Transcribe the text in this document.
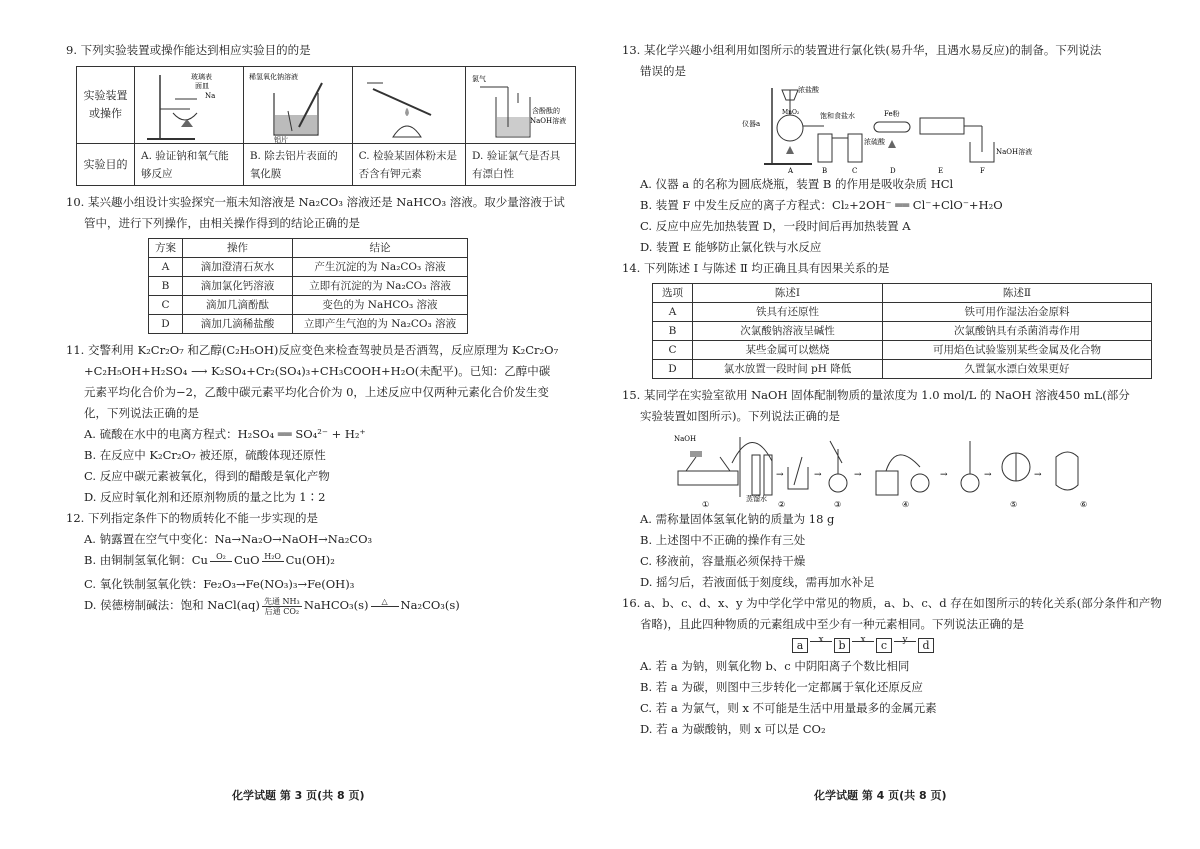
9. 下列实验装置或操作能达到相应实验目的的是
实验装置
或操作	玻璃表
面皿
Na	稀氢氧化钠溶液
铝片		氯气
含酚酞的
NaOH溶液

实验目的	A. 验证钠和氧气能够反应	B. 除去铝片表面的氧化膜	C. 检验某固体粉末是否含有钾元素	D. 验证氯气是否具有漂白性
10. 某兴趣小组设计实验探究一瓶未知溶液是 Na₂CO₃ 溶液还是 NaHCO₃ 溶液。取少量溶液于试
管中，进行下列操作，由相关操作得到的结论正确的是
方案	操作	结论
A	滴加澄清石灰水	产生沉淀的为 Na₂CO₃ 溶液
B	滴加氯化钙溶液	立即有沉淀的为 Na₂CO₃ 溶液
C	滴加几滴酚酞	变色的为 NaHCO₃ 溶液
D	滴加几滴稀盐酸	立即产生气泡的为 Na₂CO₃ 溶液
11. 交警利用 K₂Cr₂O₇ 和乙醇(C₂H₅OH)反应变色来检查驾驶员是否酒驾，反应原理为 K₂Cr₂O₇
+C₂H₅OH+H₂SO₄ ⟶ K₂SO₄+Cr₂(SO₄)₃+CH₃COOH+H₂O(未配平)。已知：乙醇中碳
元素平均化合价为−2，乙酸中碳元素平均化合价为 0，上述反应中仅两种元素化合价发生变
化，下列说法正确的是
A. 硫酸在水中的电离方程式：H₂SO₄ ══ SO₄²⁻ + H₂⁺
B. 在反应中 K₂Cr₂O₇ 被还原，硫酸体现还原性
C. 反应中碳元素被氧化，得到的醋酸是氧化产物
D. 反应时氧化剂和还原剂物质的量之比为 1∶2
12. 下列指定条件下的物质转化不能一步实现的是
A. 钠露置在空气中变化：Na→Na₂O→NaOH→Na₂CO₃
B. 由铜制氢氧化铜：Cu O₂
CuO H₂O
Cu(OH)₂
C. 氧化铁制氢氧化铁：Fe₂O₃→Fe(NO₃)₃→Fe(OH)₃
D. 侯德榜制碱法：饱和 NaCl(aq) 先通 NH₃
后通 CO₂ NaHCO₃(s) △
Na₂CO₃(s)
化学试题 第 3 页(共 8 页)
13. 某化学兴趣小组利用如图所示的装置进行氯化铁(易升华，且遇水易反应)的制备。下列说法
错误的是
浓盐酸
仪器a
MnO₂	饱和食盐水
浓硫酸
Fe粉
NaOH溶液
A	B	C	D	E	F
A. 仪器 a 的名称为圆底烧瓶，装置 B 的作用是吸收杂质 HCl
B. 装置 F 中发生反应的离子方程式：Cl₂+2OH⁻ ══ Cl⁻+ClO⁻+H₂O
C. 反应中应先加热装置 D，一段时间后再加热装置 A
D. 装置 E 能够防止氯化铁与水反应
14. 下列陈述 Ⅰ 与陈述 Ⅱ 均正确且具有因果关系的是
选项	陈述Ⅰ	陈述Ⅱ
A	铁具有还原性	铁可用作湿法冶金原料
B	次氯酸钠溶液呈碱性	次氯酸钠具有杀菌消毒作用
C	某些金属可以燃烧	可用焰色试验鉴别某些金属及化合物
D	氯水放置一段时间 pH 降低	久置氯水漂白效果更好
15. 某同学在实验室欲用 NaOH 固体配制物质的量浓度为 1.0 mol/L 的 NaOH 溶液450 mL(部分
实验装置如图所示)。下列说法正确的是
→	→	→	→	→	→
NaOH
蒸馏水
①	②	③	④	⑤	⑥
A. 需称量固体氢氧化钠的质量为 18 g
B. 上述图中不正确的操作有三处
C. 移液前，容量瓶必须保持干燥
D. 摇匀后，若液面低于刻度线，需再加水补足
16. a、b、c、d、x、y 为中学化学中常见的物质，a、b、c、d 存在如图所示的转化关系(部分条件和产物
省略)，且此四种物质的元素组成中至少有一种元素相同。下列说法正确的是
a	x	b	x	c	y	d
A. 若 a 为钠，则氧化物 b、c 中阴阳离子个数比相同
B. 若 a 为碳，则图中三步转化一定都属于氧化还原反应
C. 若 a 为氯气，则 x 不可能是生活中用量最多的金属元素
D. 若 a 为碳酸钠，则 x 可以是 CO₂
化学试题 第 4 页(共 8 页)
